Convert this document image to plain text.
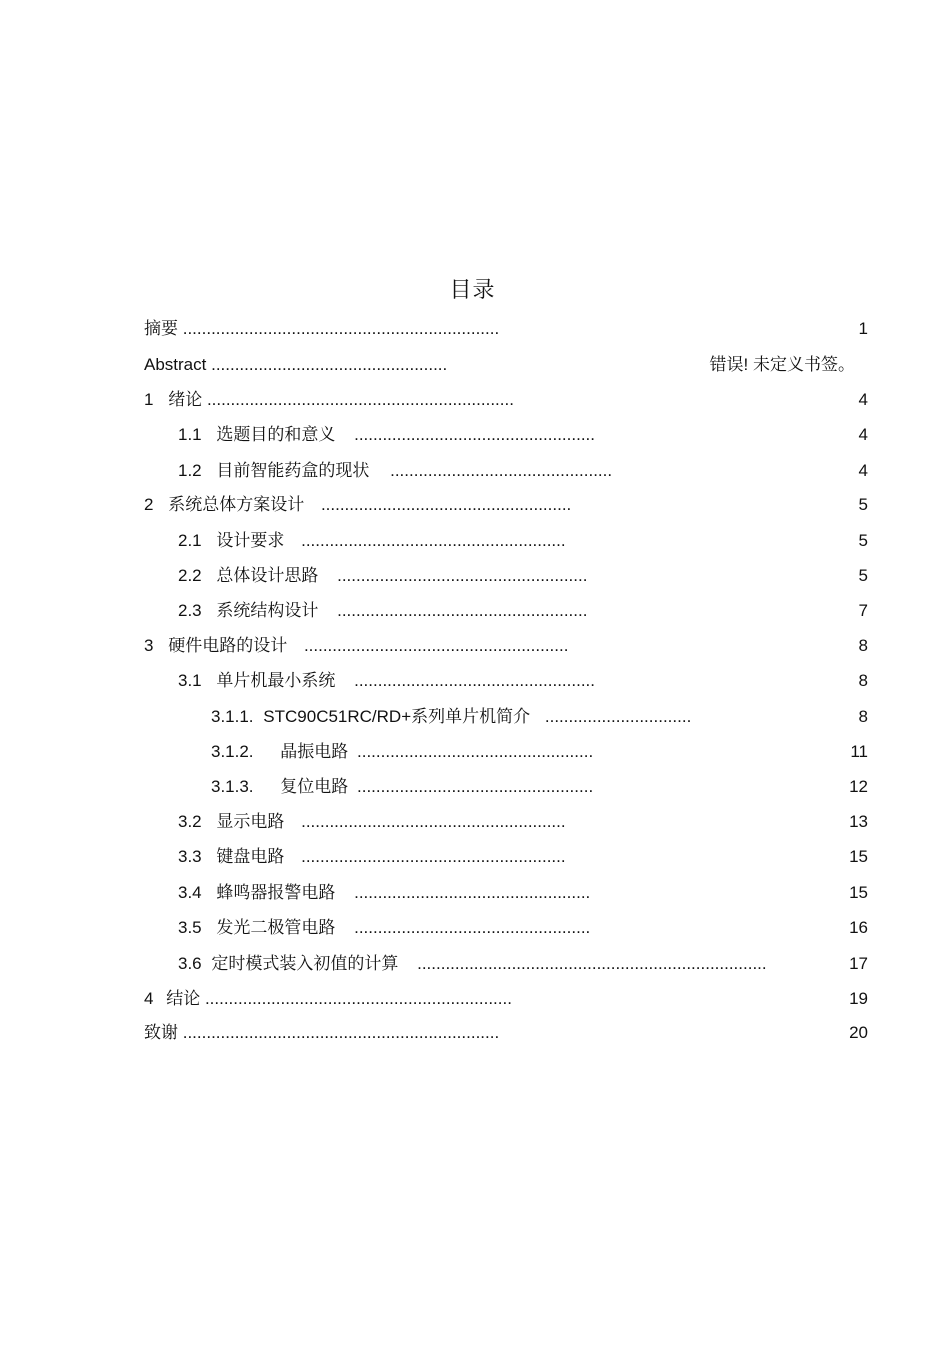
目录
摘要 ...................................................................	1
Abstract ..................................................	错误! 未定义书签。
1 绪论 .................................................................	4
1.1 选题目的和意义 ...................................................	4
1.2 目前智能药盒的现状 ...............................................	4
2 系统总体方案设计 .....................................................	5
2.1 设计要求 ........................................................	5
2.2 总体设计思路 .....................................................	5
2.3 系统结构设计 .....................................................	7
3 硬件电路的设计 ........................................................	8
3.1 单片机最小系统 ...................................................	8
3.1.1. STC90C51RC/RD+系列单片机简介 ...............................	8
3.1.2. 晶振电路 ..................................................	11
3.1.3. 复位电路 ..................................................	12
3.2 显示电路 ........................................................	13
3.3 键盘电路 ........................................................	15
3.4 蜂鸣器报警电路 ..................................................	15
3.5 发光二极管电路 ..................................................	16
3.6 定时模式装入初值的计算 ..........................................................................	17
4 结论 .................................................................	19
致谢 ...................................................................	20
